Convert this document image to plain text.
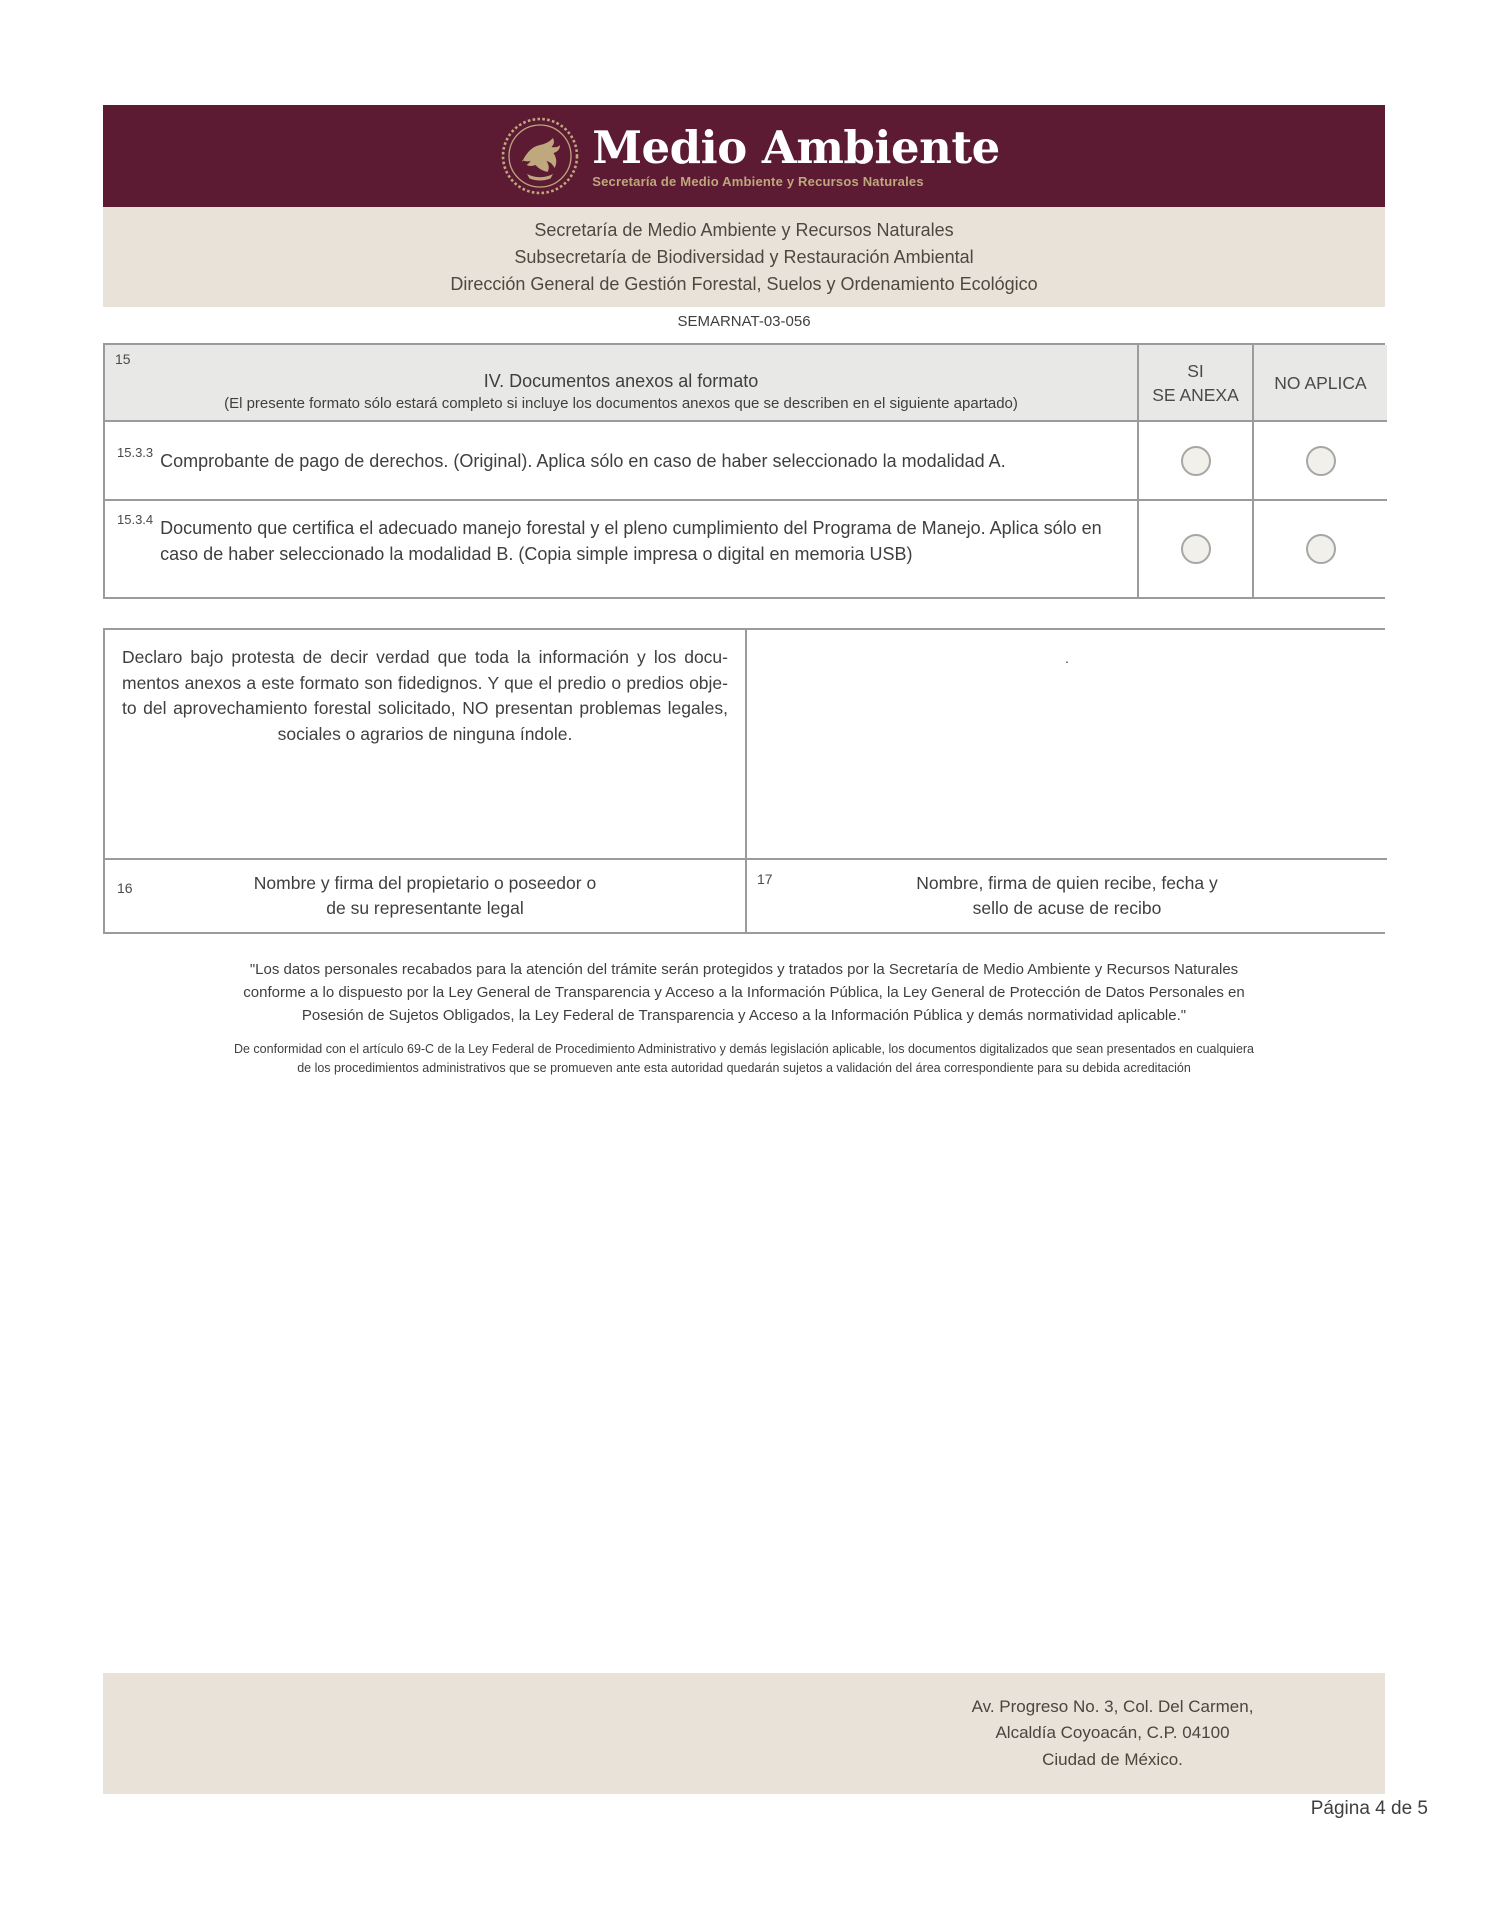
Medio Ambiente
Secretaría de Medio Ambiente y Recursos Naturales
Secretaría de Medio Ambiente y Recursos Naturales
Subsecretaría de Biodiversidad y Restauración Ambiental
Dirección General de Gestión Forestal, Suelos y Ordenamiento Ecológico
SEMARNAT-03-056
15
IV. Documentos anexos al formato
(El presente formato sólo estará completo si incluye los documentos anexos que se describen en el siguiente apartado)
SI
SE ANEXA
NO APLICA
15.3.3 Comprobante de pago de derechos. (Original). Aplica sólo en caso de haber seleccionado la modalidad A.
15.3.4 Documento que certifica el adecuado manejo forestal y el pleno cumplimiento del Programa de Manejo. Aplica sólo en caso de haber seleccionado la modalidad B. (Copia simple impresa o digital en memoria USB)
Declaro bajo protesta de decir verdad que toda la información y los docu-
mentos anexos a este formato son fidedignos. Y que el predio o predios obje-
to del aprovechamiento forestal solicitado, NO presentan problemas legales,
sociales o agrarios de ninguna índole.
.
16	Nombre y firma del propietario o poseedor o
de su representante legal
17	Nombre, firma de quien recibe, fecha y
sello de acuse de recibo
"Los datos personales recabados para la atención del trámite serán protegidos y tratados por la Secretaría de Medio Ambiente y Recursos Naturales
conforme a lo dispuesto por la Ley General de Transparencia y Acceso a la Información Pública, la Ley General de Protección de Datos Personales en
Posesión de Sujetos Obligados, la Ley Federal de Transparencia y Acceso a la Información Pública y demás normatividad aplicable."
De conformidad con el artículo 69-C de la Ley Federal de Procedimiento Administrativo y demás legislación aplicable, los documentos digitalizados que sean presentados en cualquiera
de los procedimientos administrativos que se promueven ante esta autoridad quedarán sujetos a validación del área correspondiente para su debida acreditación
Av. Progreso No. 3, Col. Del Carmen,
Alcaldía Coyoacán, C.P. 04100
Ciudad de México.
Página 4 de 5
